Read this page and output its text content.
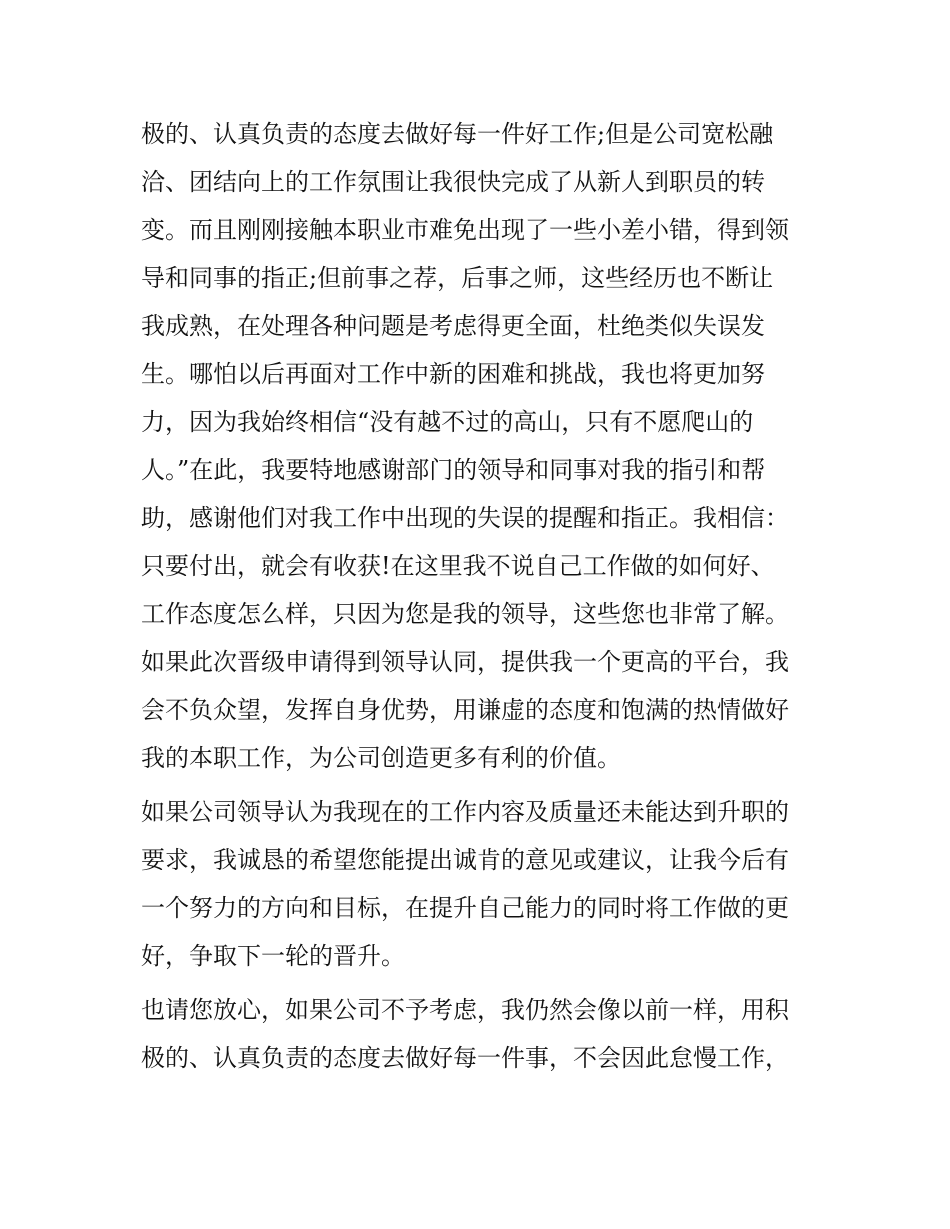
极的、认真负责的态度去做好每一件好工作;但是公司宽松融
洽、团结向上的工作氛围让我很快完成了从新人到职员的转
变。而且刚刚接触本职业市难免出现了一些小差小错，得到领
导和同事的指正;但前事之荐，后事之师，这些经历也不断让
我成熟，在处理各种问题是考虑得更全面，杜绝类似失误发
生。哪怕以后再面对工作中新的困难和挑战，我也将更加努
力，因为我始终相信“没有越不过的高山，只有不愿爬山的
人。”在此，我要特地感谢部门的领导和同事对我的指引和帮
助，感谢他们对我工作中出现的失误的提醒和指正。我相信：
只要付出，就会有收获!在这里我不说自己工作做的如何好、
工作态度怎么样，只因为您是我的领导，这些您也非常了解。
如果此次晋级申请得到领导认同，提供我一个更高的平台，我
会不负众望，发挥自身优势，用谦虚的态度和饱满的热情做好
我的本职工作，为公司创造更多有利的价值。
如果公司领导认为我现在的工作内容及质量还未能达到升职的
要求，我诚恳的希望您能提出诚肯的意见或建议，让我今后有
一个努力的方向和目标，在提升自己能力的同时将工作做的更
好，争取下一轮的晋升。
也请您放心，如果公司不予考虑，我仍然会像以前一样，用积
极的、认真负责的态度去做好每一件事，不会因此怠慢工作，
